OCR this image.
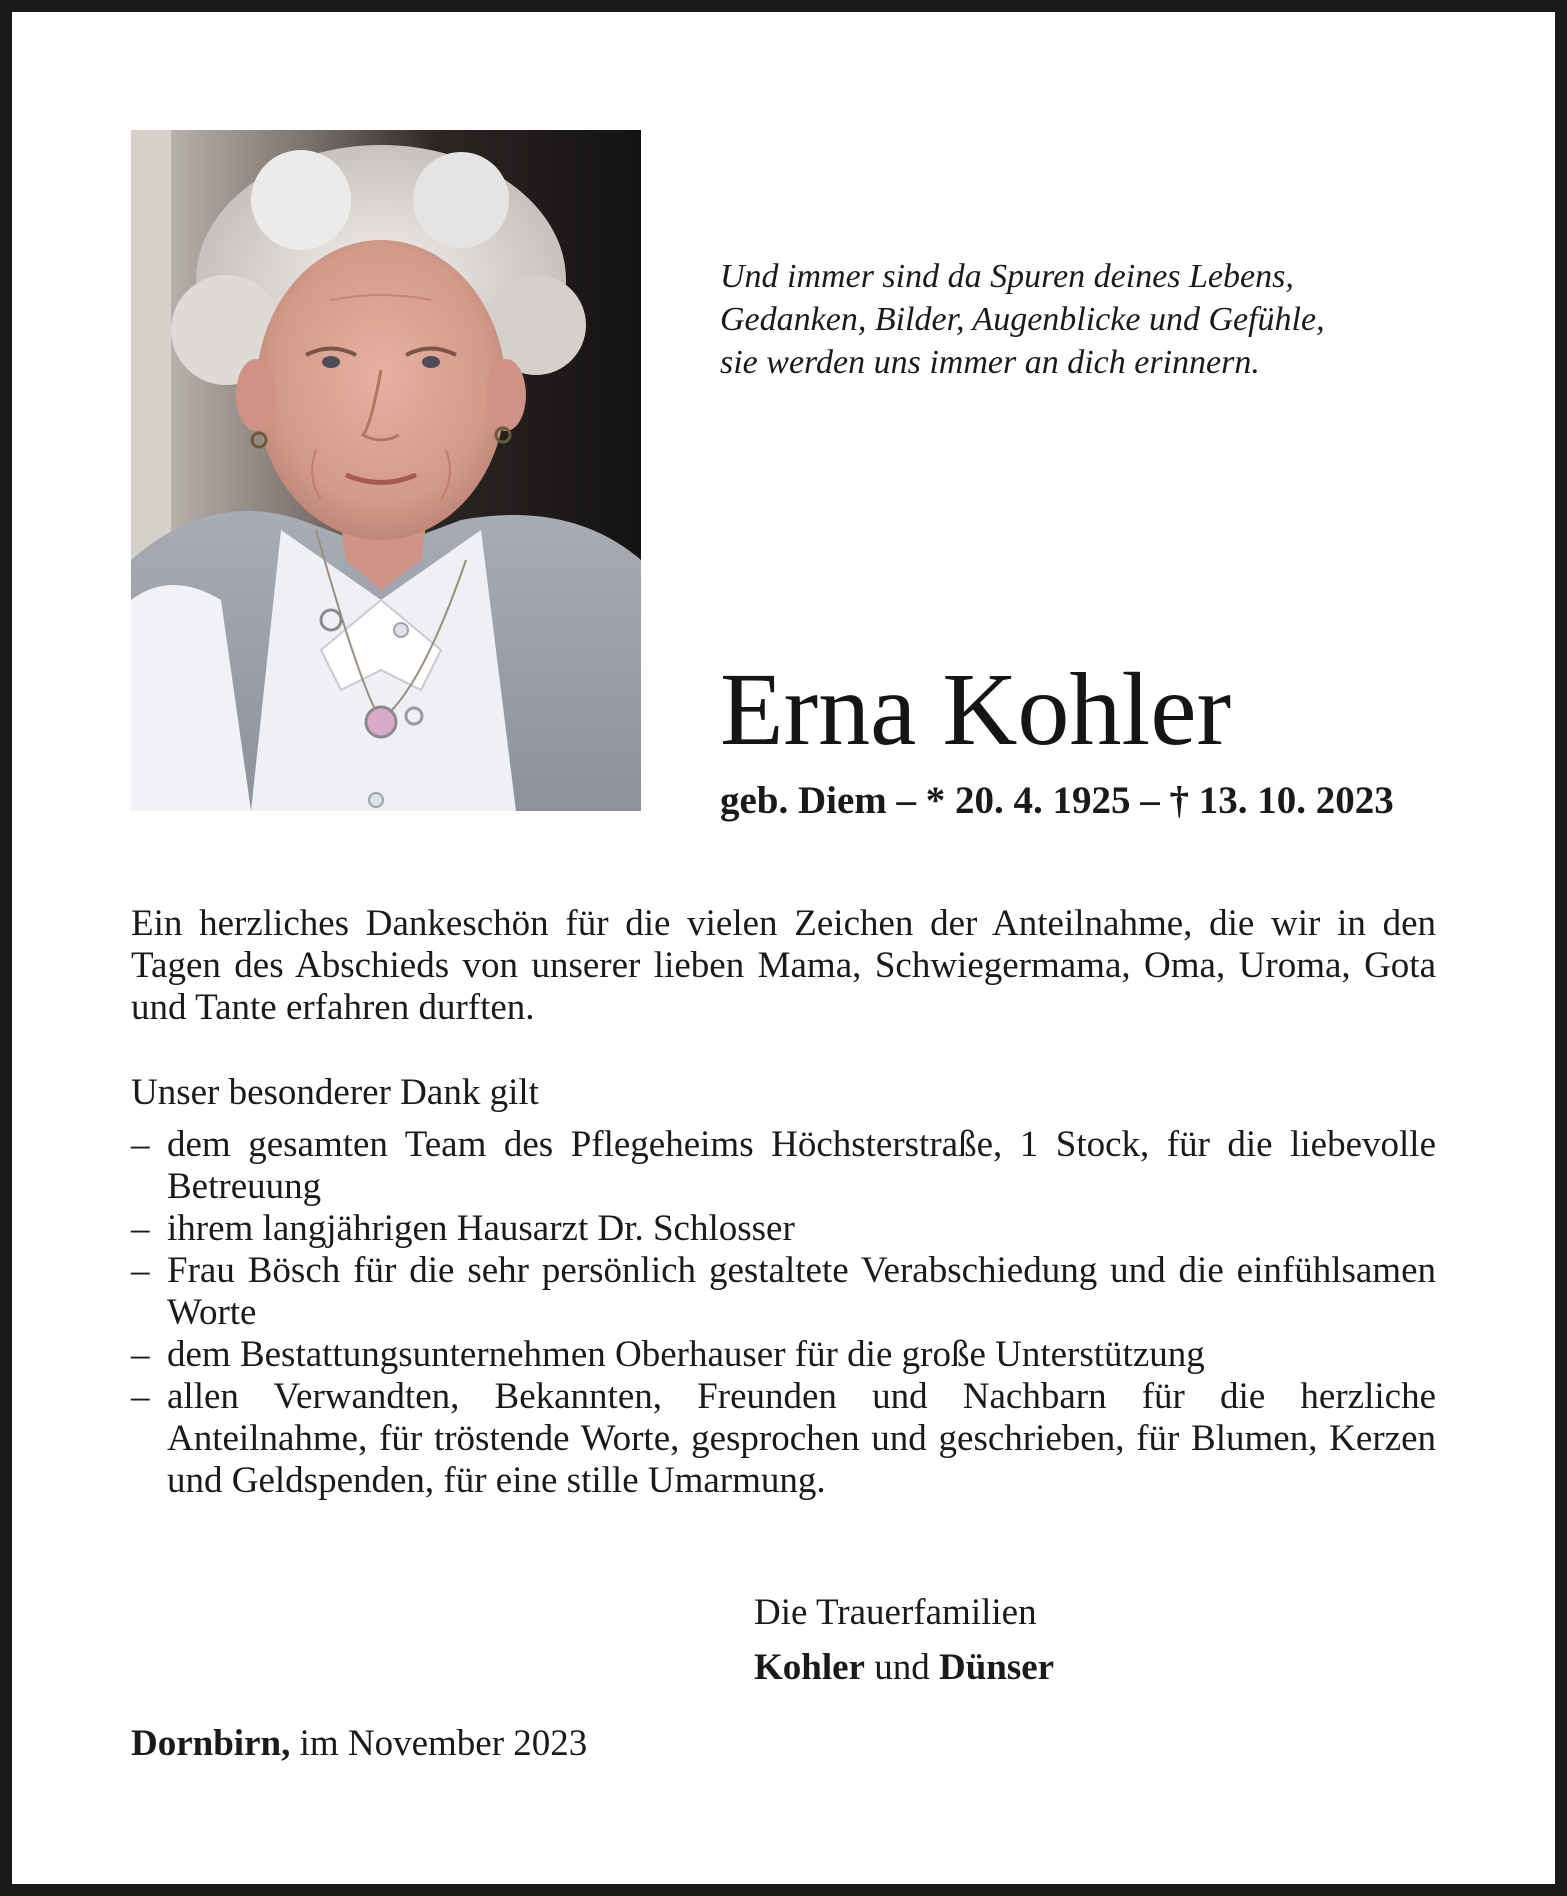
Und immer sind da Spuren deines Lebens,
Gedanken, Bilder, Augenblicke und Gefühle,
sie werden uns immer an dich erinnern.
Erna Kohler
geb. Diem – * 20. 4. 1925 – † 13. 10. 2023
Ein herzliches Dankeschön für die vielen Zeichen der Anteilnahme, die wir in den Tagen des Abschieds von unserer lieben Mama, Schwiegermama, Oma, Uroma, Gota und Tante erfahren durften.
Unser besonderer Dank gilt
– dem gesamten Team des Pflegeheims Höchsterstraße, 1 Stock, für die liebevolle Betreuung
– ihrem langjährigen Hausarzt Dr. Schlosser
– Frau Bösch für die sehr persönlich gestaltete Verabschiedung und die einfühlsamen Worte
– dem Bestattungsunternehmen Oberhauser für die große Unterstützung
– allen Verwandten, Bekannten, Freunden und Nachbarn für die herzliche Anteilnahme, für tröstende Worte, gesprochen und geschrieben, für Blumen, Kerzen und Geldspenden, für eine stille Umarmung.
Die Trauerfamilien
Kohler und Dünser
Dornbirn, im November 2023
